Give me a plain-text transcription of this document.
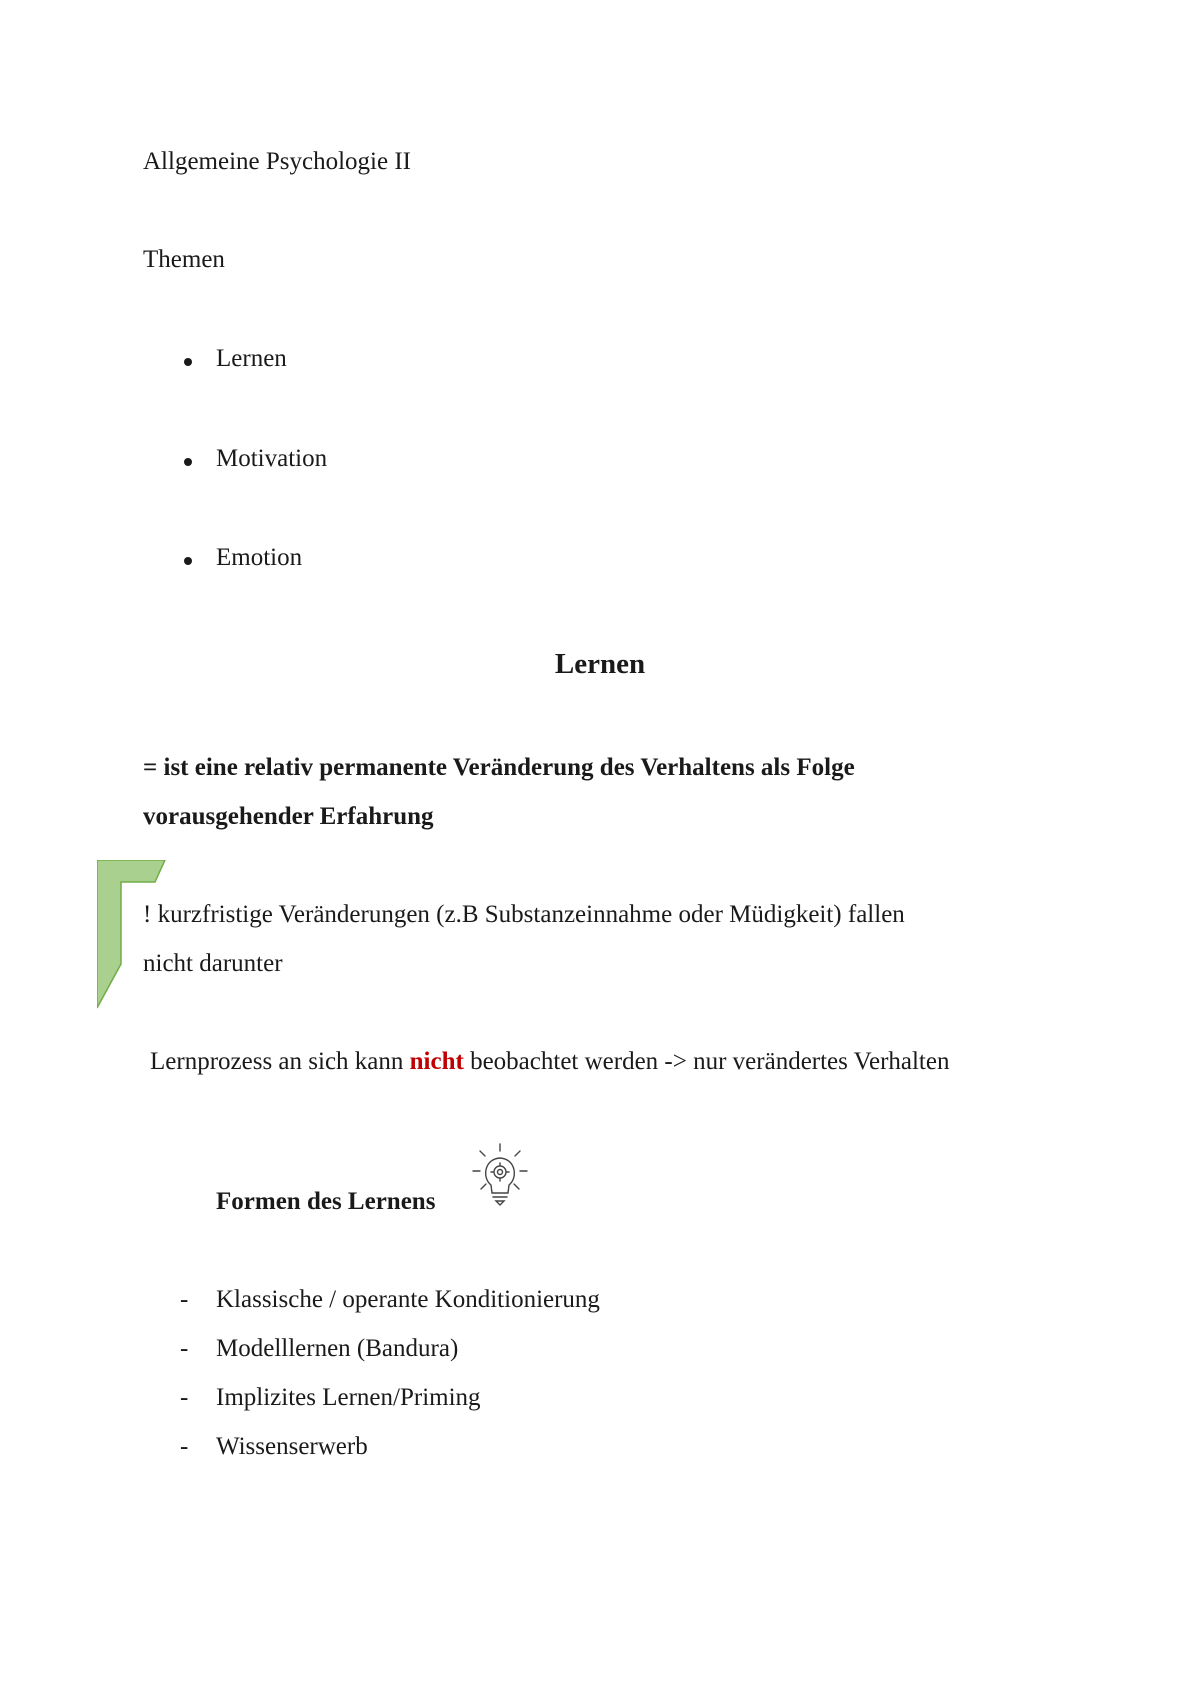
Allgemeine Psychologie II
Themen
Lernen
Motivation
Emotion
Lernen
= ist eine relativ permanente Veränderung des Verhaltens als Folge
vorausgehender Erfahrung
! kurzfristige Veränderungen (z.B Substanzeinnahme oder Müdigkeit) fallen
nicht darunter
Lernprozess an sich kann nicht beobachtet werden -> nur verändertes Verhalten
Formen des Lernens
- Klassische / operante Konditionierung
- Modelllernen (Bandura)
- Implizites Lernen/Priming
- Wissenserwerb
